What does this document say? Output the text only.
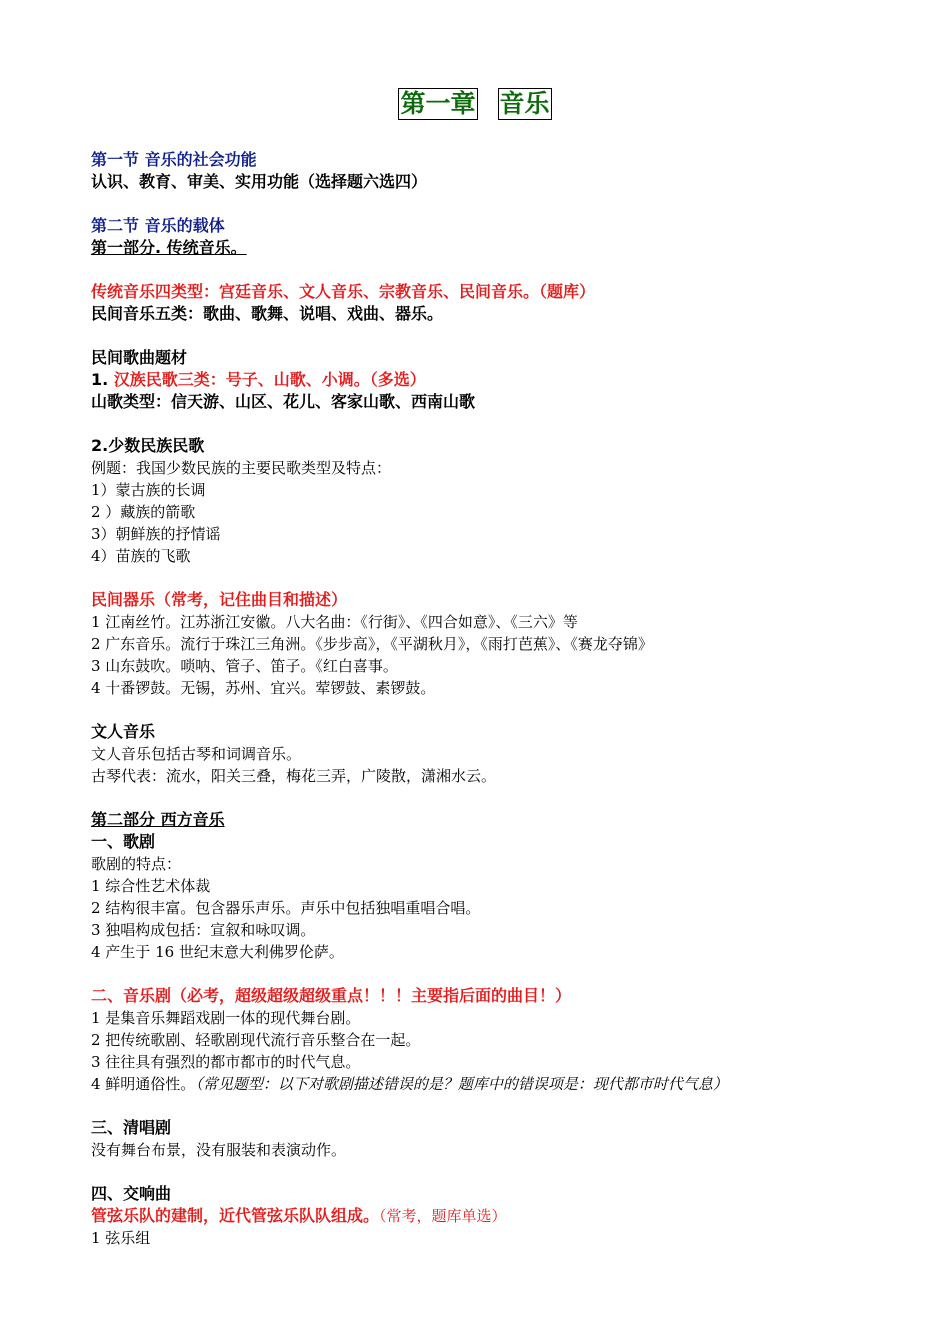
第一章 音乐
第一节 音乐的社会功能
认识、教育、审美、实用功能（选择题六选四）
第二节 音乐的载体
第一部分. 传统音乐。
传统音乐四类型：宫廷音乐、文人音乐、宗教音乐、民间音乐。（题库）
民间音乐五类：歌曲、歌舞、说唱、戏曲、器乐。
民间歌曲题材
1. 汉族民歌三类：号子、山歌、小调。（多选）
山歌类型：信天游、山区、花儿、客家山歌、西南山歌
2.少数民族民歌
例题：我国少数民族的主要民歌类型及特点：
1）蒙古族的长调
2 ）藏族的箭歌
3）朝鲜族的抒情谣
4）苗族的飞歌
民间器乐（常考，记住曲目和描述）
1 江南丝竹。江苏浙江安徽。八大名曲：《行街》、《四合如意》、《三六》等
2 广东音乐。流行于珠江三角洲。《步步高》，《平湖秋月》，《雨打芭蕉》、《赛龙夺锦》
3 山东鼓吹。唢呐、管子、笛子。《红白喜事。
4 十番锣鼓。无锡，苏州、宜兴。荤锣鼓、素锣鼓。
文人音乐
文人音乐包括古琴和词调音乐。
古琴代表：流水，阳关三叠，梅花三弄，广陵散，潇湘水云。
第二部分 西方音乐
一、歌剧
歌剧的特点：
1 综合性艺术体裁
2 结构很丰富。包含器乐声乐。声乐中包括独唱重唱合唱。
3 独唱构成包括：宣叙和咏叹调。
4 产生于 16 世纪末意大利佛罗伦萨。
二、音乐剧（必考，超级超级超级重点！！！主要指后面的曲目！）
1 是集音乐舞蹈戏剧一体的现代舞台剧。
2 把传统歌剧、轻歌剧现代流行音乐整合在一起。
3 往往具有强烈的都市都市的时代气息。
4 鲜明通俗性。（常见题型：以下对歌剧描述错误的是？题库中的错误项是：现代都市时代气息）
三、清唱剧
没有舞台布景，没有服装和表演动作。
四、交响曲
管弦乐队的建制，近代管弦乐队队组成。（常考，题库单选）
1 弦乐组
